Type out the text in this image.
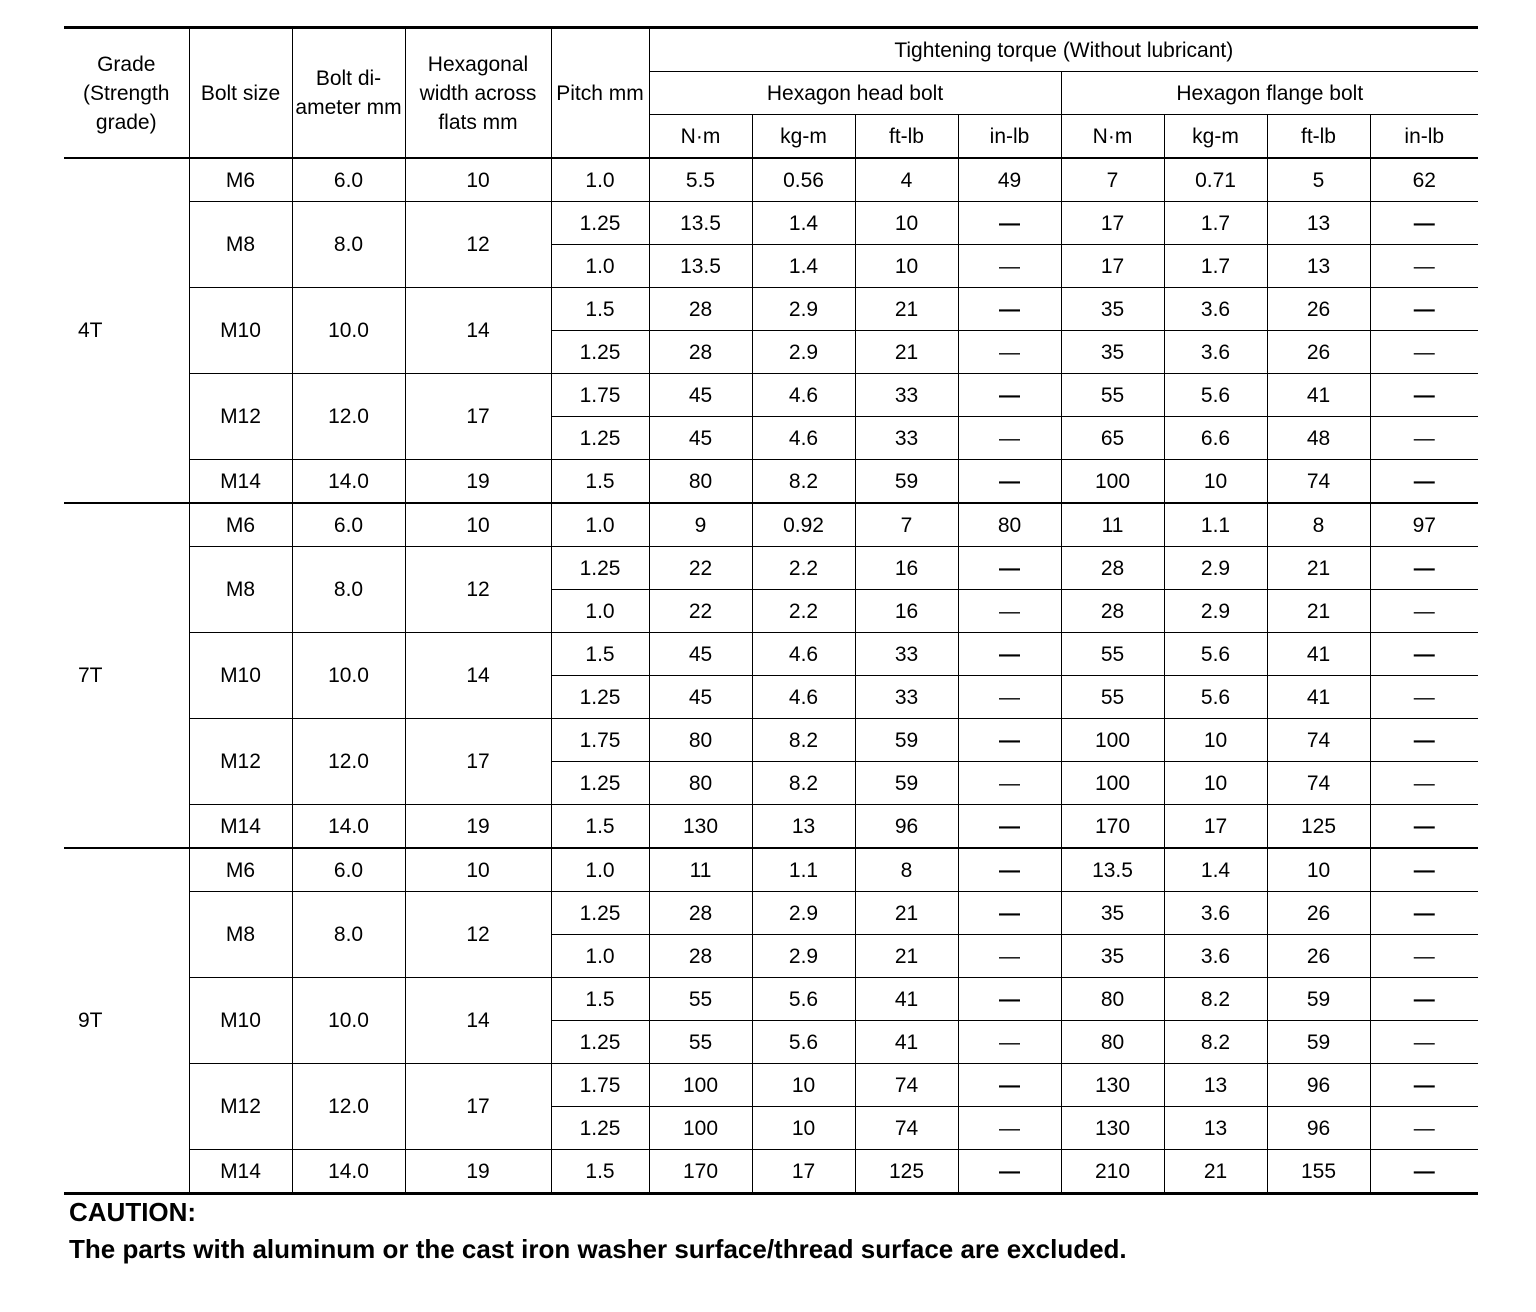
Grade (Strength grade)	Bolt size	Bolt di- ameter mm	Hexagonal width across flats mm	Pitch mm	Tightening torque (Without lubricant)							
					Hexagon head bolt				Hexagon flange bolt			
					N·m	kg-m	ft-lb	in-lb	N·m	kg-m	ft-lb	in-lb
4T	M6	6.0	10	1.0	5.5	0.56	4	49	7	0.71	5	62
	M8	8.0	12	1.25	13.5	1.4	10	—	17	1.7	13	—
				1.0	13.5	1.4	10	—	17	1.7	13	—
	M10	10.0	14	1.5	28	2.9	21	—	35	3.6	26	—
				1.25	28	2.9	21	—	35	3.6	26	—
	M12	12.0	17	1.75	45	4.6	33	—	55	5.6	41	—
				1.25	45	4.6	33	—	65	6.6	48	—
	M14	14.0	19	1.5	80	8.2	59	—	100	10	74	—
7T	M6	6.0	10	1.0	9	0.92	7	80	11	1.1	8	97
	M8	8.0	12	1.25	22	2.2	16	—	28	2.9	21	—
				1.0	22	2.2	16	—	28	2.9	21	—
	M10	10.0	14	1.5	45	4.6	33	—	55	5.6	41	—
				1.25	45	4.6	33	—	55	5.6	41	—
	M12	12.0	17	1.75	80	8.2	59	—	100	10	74	—
				1.25	80	8.2	59	—	100	10	74	—
	M14	14.0	19	1.5	130	13	96	—	170	17	125	—
9T	M6	6.0	10	1.0	11	1.1	8	—	13.5	1.4	10	—
	M8	8.0	12	1.25	28	2.9	21	—	35	3.6	26	—
				1.0	28	2.9	21	—	35	3.6	26	—
	M10	10.0	14	1.5	55	5.6	41	—	80	8.2	59	—
				1.25	55	5.6	41	—	80	8.2	59	—
	M12	12.0	17	1.75	100	10	74	—	130	13	96	—
				1.25	100	10	74	—	130	13	96	—
	M14	14.0	19	1.5	170	17	125	—	210	21	155	—
CAUTION:
The parts with aluminum or the cast iron washer surface/thread surface are excluded.
